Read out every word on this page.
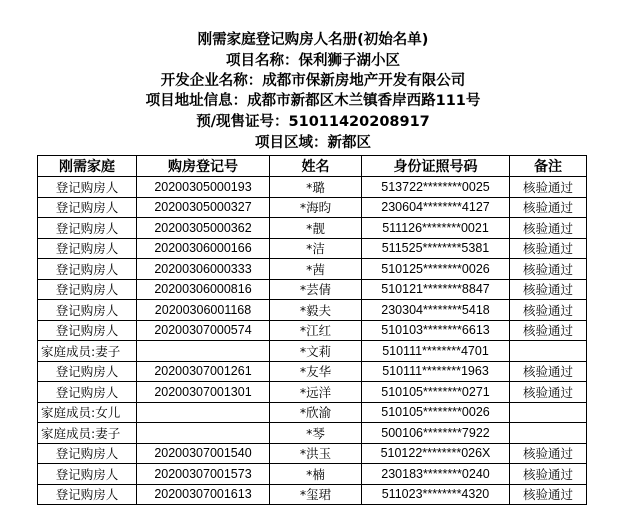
刚需家庭登记购房人名册(初始名单)
项目名称：保利狮子湖小区
开发企业名称：成都市保新房地产开发有限公司
项目地址信息：成都市新都区木兰镇香岸西路111号
预/现售证号：51011420208917
项目区域：新都区
刚需家庭	购房登记号	姓名	身份证照号码	备注
登记购房人	20200305000193	*璐	513722********0025	核验通过
登记购房人	20200305000327	*海昀	230604********4127	核验通过
登记购房人	20200305000362	*靓	511126********0021	核验通过
登记购房人	20200306000166	*洁	511525********5381	核验通过
登记购房人	20200306000333	*茜	510125********0026	核验通过
登记购房人	20200306000816	*芸倩	510121********8847	核验通过
登记购房人	20200306001168	*毅夫	230304********5418	核验通过
登记购房人	20200307000574	*江红	510103********6613	核验通过
家庭成员:妻子		*文莉	510111********4701	
登记购房人	20200307001261	*友华	510111********1963	核验通过
登记购房人	20200307001301	*远洋	510105********0271	核验通过
家庭成员:女儿		*欣渝	510105********0026	
家庭成员:妻子		*琴	500106********7922	
登记购房人	20200307001540	*洪玉	510122********026X	核验通过
登记购房人	20200307001573	*楠	230183********0240	核验通过
登记购房人	20200307001613	*玺珺	511023********4320	核验通过
